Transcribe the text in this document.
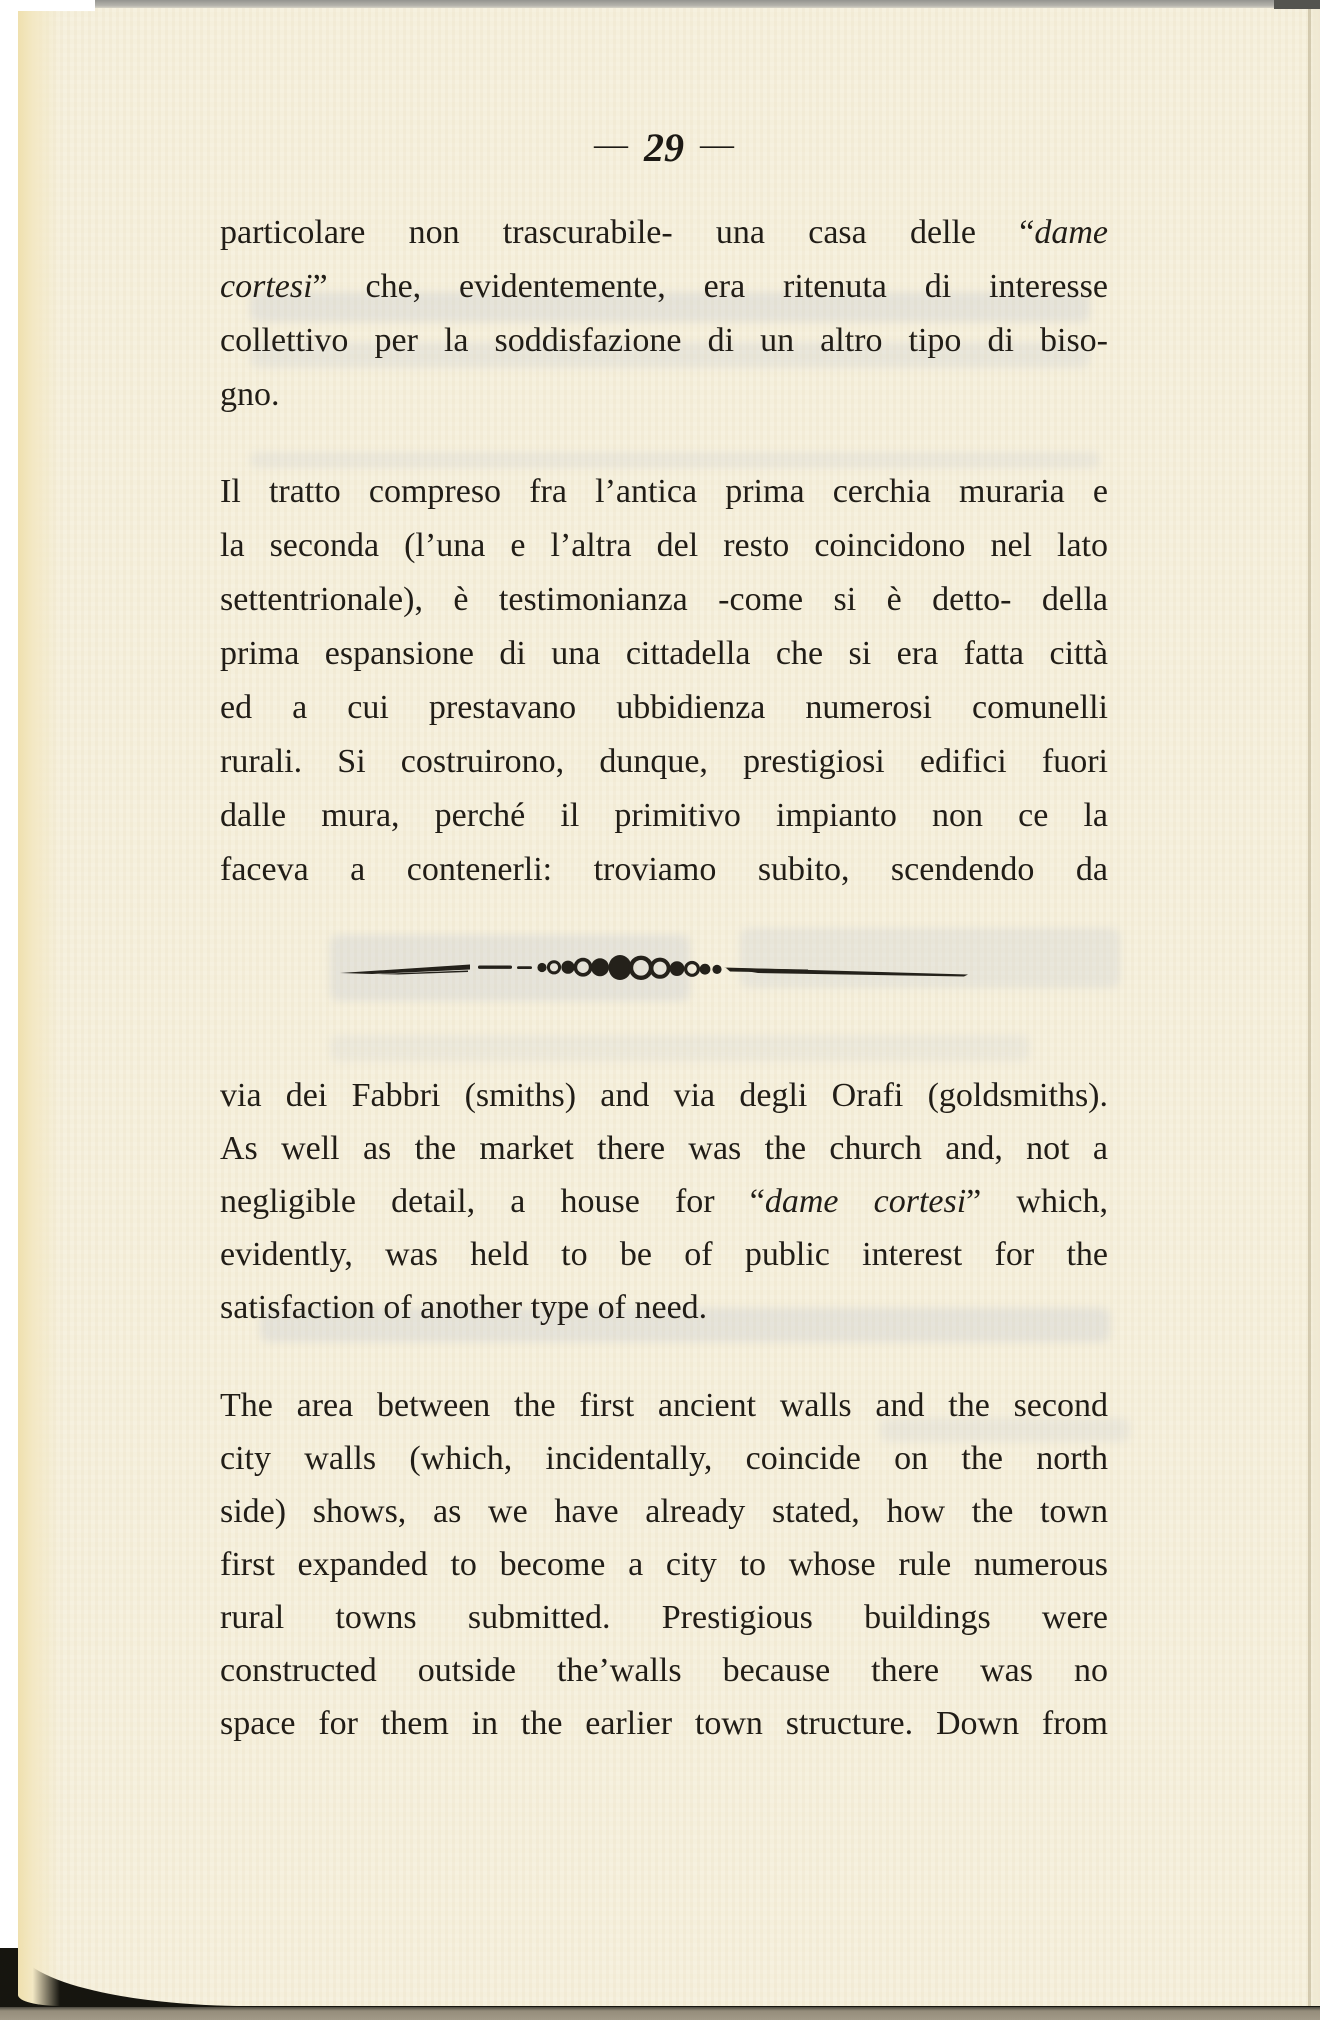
— 29 —
particolare non trascurabile- una casa delle “dame
cortesi” che, evidentemente, era ritenuta di interesse
collettivo per la soddisfazione di un altro tipo di biso-
gno.
Il tratto compreso fra l’antica prima cerchia muraria e
la seconda (l’una e l’altra del resto coincidono nel lato
settentrionale), è testimonianza -come si è detto- della
prima espansione di una cittadella che si era fatta città
ed a cui prestavano ubbidienza numerosi comunelli
rurali. Si costruirono, dunque, prestigiosi edifici fuori
dalle mura, perché il primitivo impianto non ce la
faceva a contenerli: troviamo subito, scendendo da
via dei Fabbri (smiths) and via degli Orafi (goldsmiths).
As well as the market there was the church and, not a
negligible detail, a house for “dame cortesi” which,
evidently, was held to be of public interest for the
satisfaction of another type of need.
The area between the first ancient walls and the second
city walls (which, incidentally, coincide on the north
side) shows, as we have already stated, how the town
first expanded to become a city to whose rule numerous
rural towns submitted. Prestigious buildings were
constructed outside the’walls because there was no
space for them in the earlier town structure. Down from
